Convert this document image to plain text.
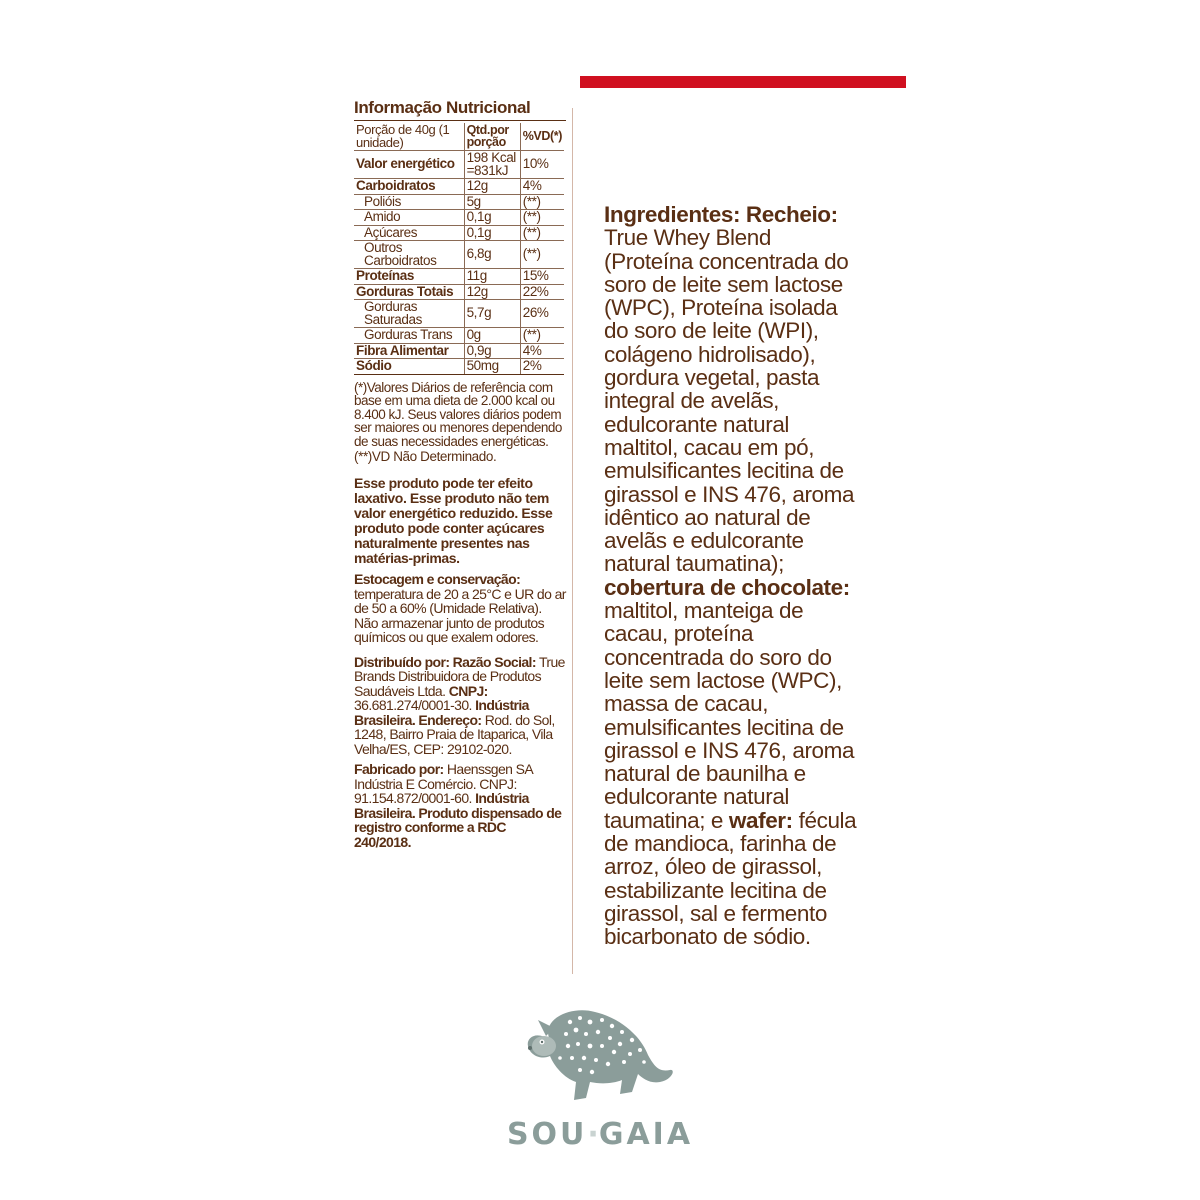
Informação Nutricional
Porção de 40g (1 unidade)	Qtd.por porção	%VD(*)
Valor energético	198 Kcal =831kJ	10%
Carboidratos	12g	4%
Polióis	5g	(**)
Amido	0,1g	(**)
Açúcares	0,1g	(**)
Outros Carboidratos	6,8g	(**)
Proteínas	11g	15%
Gorduras Totais	12g	22%
Gorduras Saturadas	5,7g	26%
Gorduras Trans	0g	(**)
Fibra Alimentar	0,9g	4%
Sódio	50mg	2%
(*)Valores Diários de referência com base em uma dieta de 2.000 kcal ou 8.400 kJ. Seus valores diários podem ser maiores ou menores dependendo de suas necessidades energéticas.
(**)VD Não Determinado.
Esse produto pode ter efeito laxativo. Esse produto não tem valor energético reduzido. Esse produto pode conter açúcares naturalmente presentes nas matérias-primas.
Estocagem e conservação: temperatura de 20 a 25°C e UR do ar de 50 a 60% (Umidade Relativa). Não armazenar junto de produtos químicos ou que exalem odores.
Distribuído por: Razão Social: True Brands Distribuidora de Produtos Saudáveis Ltda. CNPJ: 36.681.274/0001-30. Indústria Brasileira. Endereço: Rod. do Sol, 1248, Bairro Praia de Itaparica, Vila Velha/ES, CEP: 29102-020.
Fabricado por: Haenssgen SA Indústria E Comércio. CNPJ: 91.154.872/0001-60. Indústria Brasileira. Produto dispensado de registro conforme a RDC 240/2018.
Ingredientes: Recheio: True Whey Blend (Proteína concentrada do soro de leite sem lactose (WPC), Proteína isolada do soro de leite (WPI), colágeno hidrolisado), gordura vegetal, pasta integral de avelãs, edulcorante natural maltitol, cacau em pó, emulsificantes lecitina de girassol e INS 476, aroma idêntico ao natural de avelãs e edulcorante natural taumatina); cobertura de chocolate: maltitol, manteiga de cacau, proteína concentrada do soro do leite sem lactose (WPC), massa de cacau, emulsificantes lecitina de girassol e INS 476, aroma natural de baunilha e edulcorante natural taumatina; e wafer: fécula de mandioca, farinha de arroz, óleo de girassol, estabilizante lecitina de girassol, sal e fermento bicarbonato de sódio.
SOU·GAIA
